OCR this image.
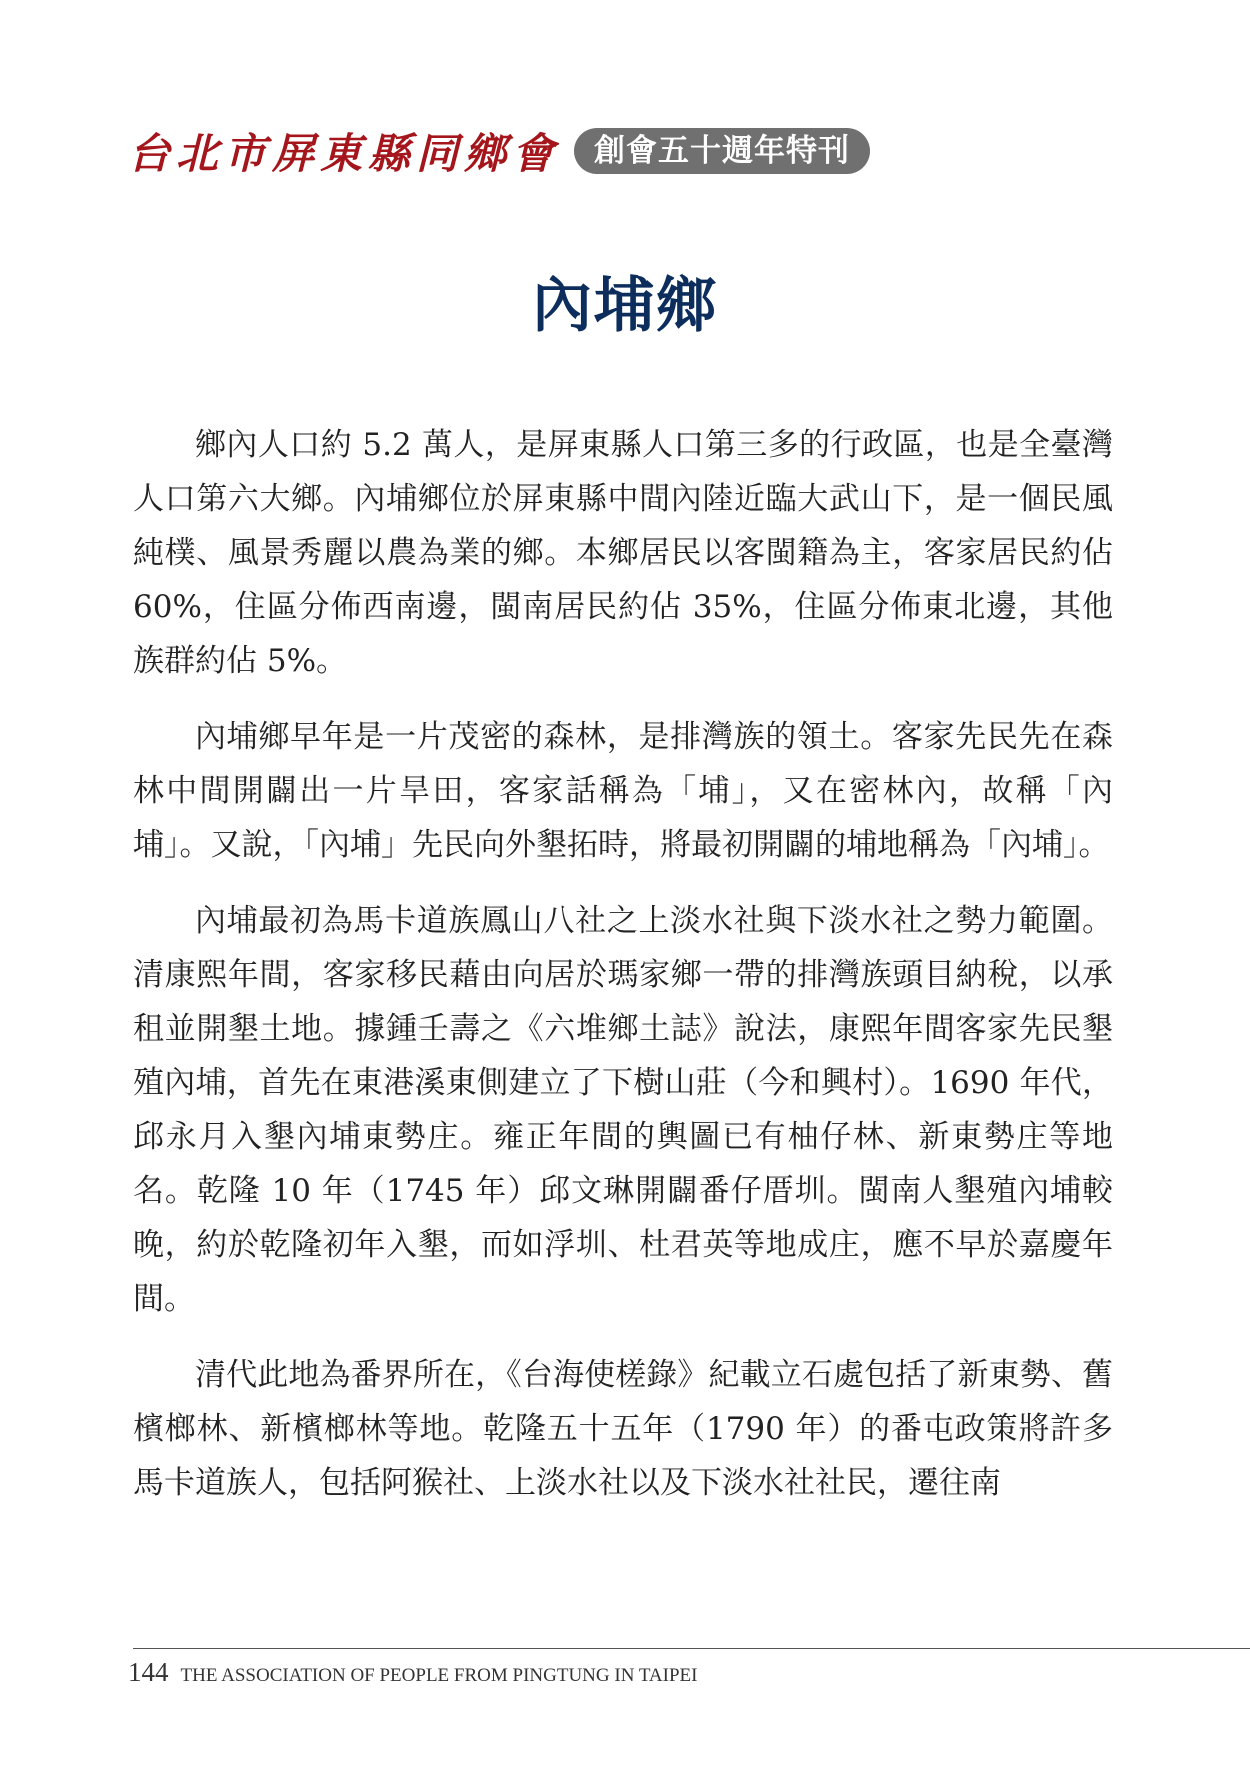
台北市屏東縣同鄉會	創會五十週年特刊
內埔鄉

鄉內人口約 5.2 萬人，是屏東縣人口第三多的行政區，也是全臺灣人口第六大鄉。內埔鄉位於屏東縣中間內陸近臨大武山下，是一個民風純樸、風景秀麗以農為業的鄉。本鄉居民以客閩籍為主，客家居民約佔 60%，住區分佈西南邊，閩南居民約佔 35%，住區分佈東北邊，其他族群約佔 5%。

內埔鄉早年是一片茂密的森林，是排灣族的領土。客家先民先在森林中間開闢出一片旱田，客家話稱為「埔」，又在密林內，故稱「內埔」。又說，「內埔」先民向外墾拓時，將最初開闢的埔地稱為「內埔」。

內埔最初為馬卡道族鳳山八社之上淡水社與下淡水社之勢力範圍。清康熙年間，客家移民藉由向居於瑪家鄉一帶的排灣族頭目納稅，以承租並開墾土地。據鍾壬壽之《六堆鄉土誌》說法，康熙年間客家先民墾殖內埔，首先在東港溪東側建立了下樹山莊（今和興村）。1690 年代，邱永月入墾內埔東勢庄。雍正年間的輿圖已有柚仔林、新東勢庄等地名。乾隆 10 年（1745 年）邱文琳開闢番仔厝圳。閩南人墾殖內埔較晚，約於乾隆初年入墾，而如浮圳、杜君英等地成庄，應不早於嘉慶年間。

清代此地為番界所在，《台海使槎錄》紀載立石處包括了新東勢、舊檳榔林、新檳榔林等地。乾隆五十五年（1790 年）的番屯政策將許多馬卡道族人，包括阿猴社、上淡水社以及下淡水社社民，遷往南

144 THE ASSOCIATION OF PEOPLE FROM PINGTUNG IN TAIPEI
